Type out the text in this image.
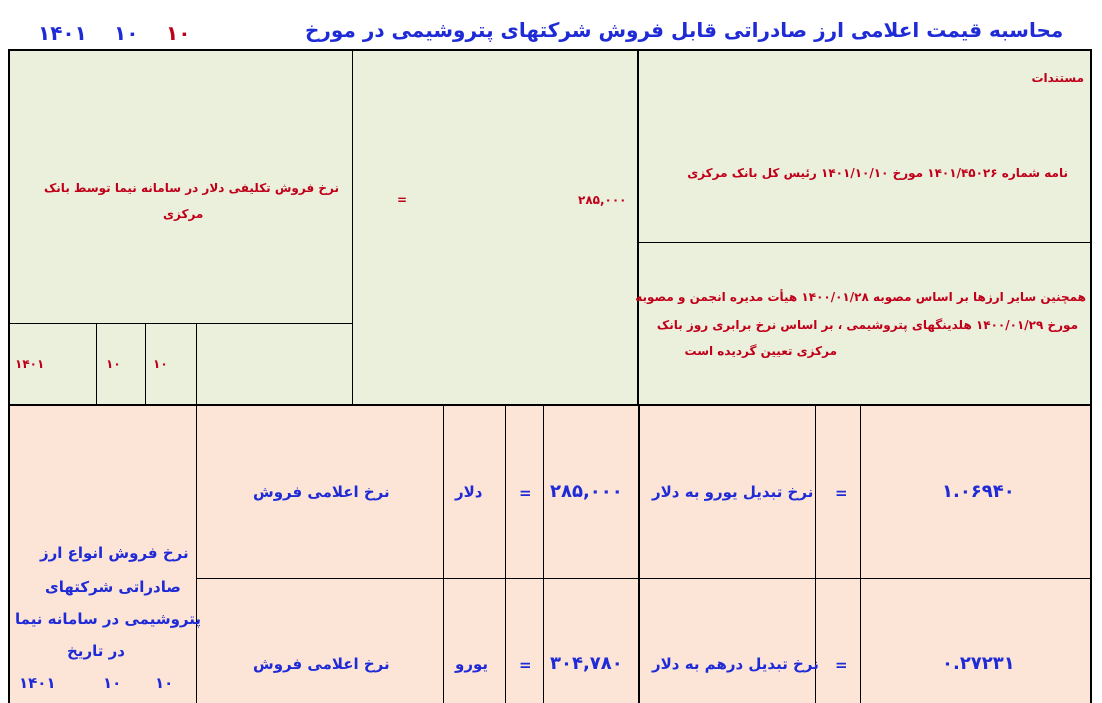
محاسبه قیمت اعلامی ارز صادراتی قابل فروش شرکتهای پتروشیمی در مورخ
۱۰
۱۰
۱۴۰۱
مستندات
نامه شماره ۱۴۰۱/۴۵۰۲۶ مورخ ۱۴۰۱/۱۰/۱۰ رئیس کل بانک مرکزی
همچنین سایر ارزها بر اساس مصوبه ۱۴۰۰/۰۱/۲۸ هیأت مدیره انجمن و مصوبه
مورخ ۱۴۰۰/۰۱/۲۹ هلدینگهای پتروشیمی ، بر اساس نرخ برابری روز بانک
مرکزی تعیین گردیده است
۲۸۵,۰۰۰
=
نرخ فروش تکلیفی دلار در سامانه نیما توسط بانک
مرکزی
۱۴۰۱	۱۰	۱۰
نرخ فروش انواع ارز
صادراتی شرکتهای
پتروشیمی در سامانه نیما
در تاریخ
۱۴۰۱	۱۰ ۱۰
نرخ اعلامی فروش	دلار = ۲۸۵,۰۰۰ نرخ تبدیل یورو به دلار =	۱.۰۶۹۴۰
نرخ اعلامی فروش	یورو = ۳۰۴,۷۸۰ نرخ تبدیل درهم به دلار =	۰.۲۷۲۳۱
